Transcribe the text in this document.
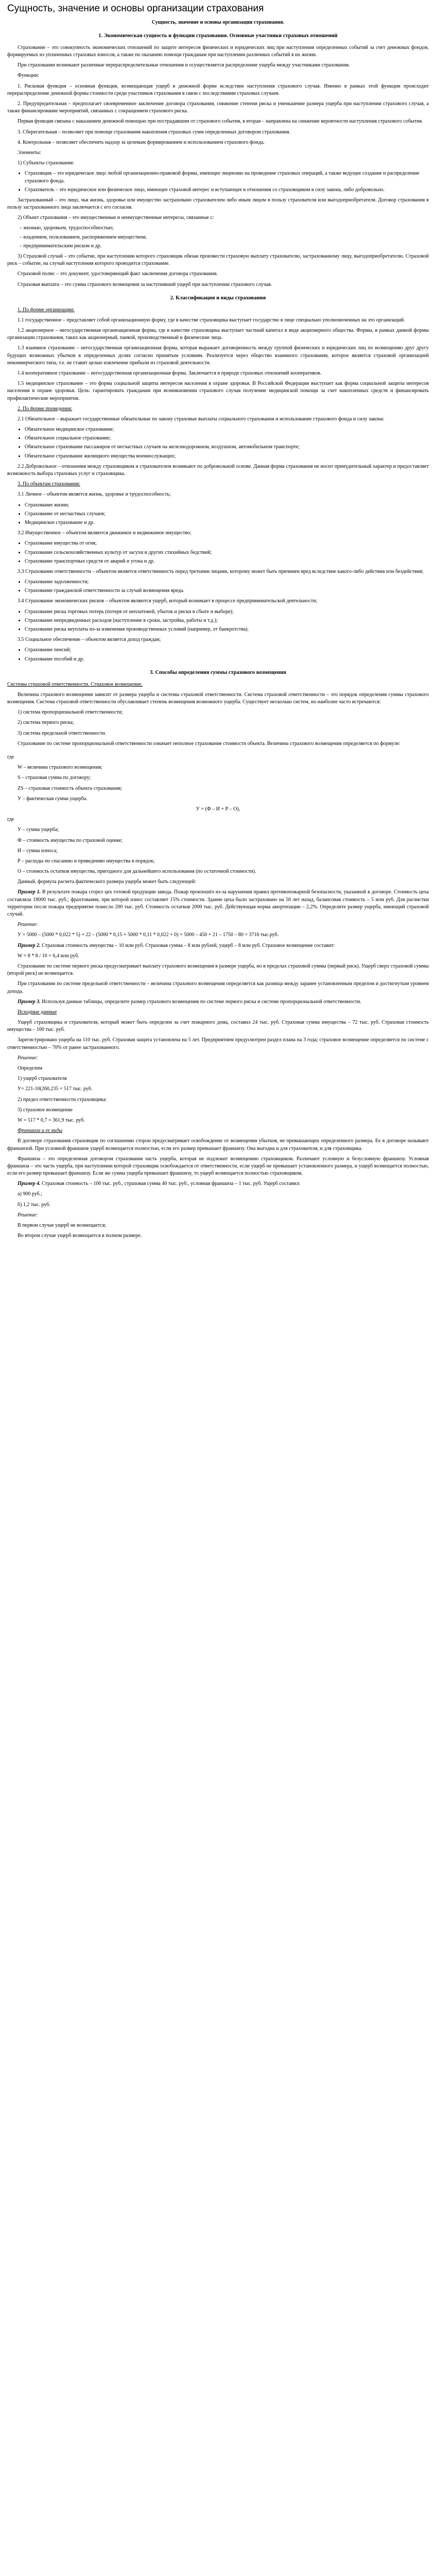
Сущность, значение и основы организации страхования
Сущность, значение и основы организации страхования.
1. Экономическая сущность и функции страхования. Основные участники страховых отношений

Страхование – это совокупность экономических отношений по защите интересов физических и юридических лиц при наступлении определенных событий за счет денежных фондов, формируемых из уплаченных страховых взносов, а также по оказанию помощи гражданам при наступлении различных событий в их жизни.

При страховании возникают различные перераспределительные отношения и осуществляется распределение ущерба между участниками страхования.

Функции:

1. Рисковая функция – основная функция, возмещающая ущерб в денежной форме вследствие наступления страхового случая. Именно в рамках этой функции происходит перераспределение денежной формы стоимости среди участников страхования в связи с последствиями страховых случаев.

2. Предупредительная – предполагает своевременное заключение договора страхования, снижение степени риска и уменьшение размера ущерба при наступлении страхового случая, а также финансирование мероприятий, связанных с сокращением страхового риска.

Первая функция связана с наказанием денежной помощью при пострадавшим от страхового события, в вторая – направлена на снижение вероятности наступления страхового события.

3. Сберегательная – позволяет при помощи страхования накопления страховых сумм определенных договором страхования.

4. Контрольная – позволяет обеспечить надзор за целевым формированием и использованием страхового фонда.

Элементы:

1) Субъекты страхования:

• Страховщик – это юридическое лицо любой организационно-правовой формы, имеющее лицензию на проведение страховых операций, а также ведущее создание и распределение страхового фонда.
• Страхователь – это юридическое или физическое лицо, имеющее страховой интерес и вступающее в отношения со страховщиком в силу закона, либо добровольно.

Застрахованный – это лицо, чья жизнь, здоровье или имущество застраховано страхователем либо иным лицом в пользу страхователя или выгодоприобретателя. Договор страхования в пользу застрахованного лица заключается с его согласия.

2) Объект страхования – это имущественные и неимущественные интересы, связанные с:

– жизнью, здоровьем, трудоспособностью;
– владением, пользованием, распоряжением имуществом;
– предпринимательским риском и др.

3) Страховой случай – это событие, при наступлении которого страховщик обязан произвести страховую выплату страхователю, застрахованному лицу, выгодоприобретателю. Страховой риск – событие, на случай наступления которого проводится страхование.

Страховой полис – это документ, удостоверяющий факт заключения договора страхования.

Страховая выплата – это сумма страхового возмещения за наступивший ущерб при наступлении страхового случая.

2. Классификация и виды страхования

1. По форме организации:

1.1 государственное – представляет собой организационную форму, где в качестве страховщика выступает государство в лице специально уполномоченных на это организаций.

1.2 акционерное – негосударственная организационная форма, где в качестве страховщика выступает частный капитал в виде акционерного общества. Формы, в рамках данной формы организации страхования, таких как акционерный, паевой, производственный и физические лица.

1.3 взаимное страхование – негосударственная организационная форма, которая выражает договоренность между группой физических и юридических лиц по возмещению друг другу будущих возможных убытков в определенных долях согласно принятым условиям. Реализуется через общество взаимного страхования, которое является страховой организацией некоммерческого типа, т.е. не ставит целью извлечение прибыли из страховой деятельности.

1.4 кооперативное страхование – негосударственная организационная форма. Заключается в природе страховых отношений кооперативов.

1.5 медицинское страхование – это форма социальной защиты интересов населения в охране здоровья. В Российской Федерации выступает как форма социальной защиты интересов населения в охране здоровья. Цель: гарантировать гражданам при возникновении страхового случая получение медицинской помощи за счет накопленных средств и финансировать профилактические мероприятия.

2. По форме проведения:

2.1 Обязательное – выражает государственные обязательные по закону страховые выплаты социального страхования и использование страхового фонда и силу закона:

• Обязательное медицинское страхование;
• Обязательное социальное страхование;
• Обязательное страхование пассажиров от несчастных случаев на железнодорожном, воздушном, автомобильном транспорте;
• Обязательное страхование жилищного имущества военнослужащих;

2.2 Добровольное – отношения между страховщиком и страхователем возникают по добровольной основе. Данная форма страхования не носит принудительный характер и предоставляет возможность выбора страховых услуг и страховщика.

3. По объектам страхования:

3.1 Личное – объектом является жизнь, здоровье и трудоспособность;

• Страхование жизни;
• Страхование от несчастных случаев;
• Медицинское страхование и др.

3.2 Имущественное – объектом являются движимое и недвижимое имущество;

• Страхование имущества от огня;
• Страхование сельскохозяйственных культур от засухи и других стихийных бедствий;
• Страхование транспортных средств от аварий и угона и др.

3.3 Страхование ответственности – объектом является ответственность перед третьими лицами, которому может быть причинен вред вследствие какого-либо действия или бездействия;

• Страхование задолженности;
• Страхование гражданской ответственности за случай возмещения вреда.

3.4 Страхование экономических рисков – объектом являются ущерб, который возникает в процессе предпринимательской деятельности;

• Страхование риска торговых потерь (потеря от неплатежей, убыток и риски в сбыте и выборе);
• Страхование непредвиденных расходов (наступление в сроки, застройка, работы и т.д.);
• Страхование риска неуплаты из-за изменения производственных условий (например, от банкротства).

3.5 Социальное обеспечение – объектом является доход граждан;

• Страхование пенсий;
• Страхование пособий и др.
3. Способы определения суммы страхового возмещения

Системы страховой ответственности. Страховое возмещение.

Величина страхового возмещения зависит от размера ущерба и системы страховой ответственности. Система страховой ответственности – это порядок определения суммы страхового возмещения. Система страховой ответственности обуславливает степень возмещения возможного ущерба. Существует несколько систем, но наиболее часто встречаются:

1) система пропорциональной ответственности;

2) система первого риска;

3) система предельной ответственности.

Страхование по системе пропорциональной ответственности означает неполное страхование стоимости объекта. Величина страхового возмещения определяется по формуле:

где

W – величина страхового возмещения;

S – страховая сумма по договору;

ZS – страховая стоимость объекта страхования;

У – фактическая сумма ущерба.

У = (Ф – И + Р – О),

где

У – сумма ущерба;

Ф – стоимость имущества по страховой оценке;

И – сумма износа;

Р – расходы по спасанию и приведению имущества в порядок;

О – стоимость остатков имущества, пригодного для дальнейшего использования (по остаточной стоимости).

Данный, формула расчета фактического размера ущерба может быть следующей:

Пример 1. В результате пожара сгорел цех готовой продукции завода. Пожар произошёл из-за нарушения правил противопожарной безопасности, указанной в договоре. Стоимость цеха составляла 18000 тыс. руб.; фрахтования, при которой износ составляет 15% стоимости. Здание цеха было застраховано на 50 лет назад, балансовая стоимость – 5 млн руб. Для расчистки территории после пожара предприятие понесло 200 тыс. руб. Стоимость остатков 2000 тыс. руб. Действующая норма амортизации – 2,2%. Определите размер ущерба, имеющий страховой случай.

Решение:

У = 5000 – (5000 * 0,022 * 5) + 22 – (5000 * 0,15 + 5000 * 0,11 * 0,022 + 0) = 5000 – 450 + 21 – 1750 – 80 = 3716 тыс.руб.

Пример 2. Страховая стоимость имущества – 10 млн руб. Страховая сумма – 8 млн рублей, ущерб – 8 млн руб. Страховое возмещение составит:

W = 8 * 8 / 10 = 6,4 млн руб.

Страхование по системе первого риска предусматривает выплату страхового возмещения в размере ущерба, но в пределах страховой суммы (первый риск). Ущерб сверх страховой суммы (второй риск) не возмещается.

При страховании по системе предельной ответственности – величина страхового возмещения определяется как разница между заранее установленным пределом и достигнутым уровнем дохода.

Пример 3. Используя данные таблицы, определите размер страхового возмещения по системе первого риска и системе пропорциональной ответственности.

Исходные данные

Ущерб страховщика и страхователя, который может быть определен за счет пожарного дома, составил 24 тыс. руб. Страховая сумма имущества – 72 тыс. руб. Страховая стоимость имущества – 100 тыс. руб.

Зарегистрировано ущерба на 110 тыс. руб. Страховая защита установлена на 5 лет. Предприятием предусмотрен раздел плана на 3 года; страховое возмещение определяется по системе с ответственностью – 70% от ранее застрахованного.

Решение:

Определим

1) ущерб страхователя

У= 221-10(260,235 = 517 тыс. руб.

2) предел ответственности страховщика:

3) страховое возмещение

W = 517 * 0,7 = 361,9 тыс. руб.

Франшиза и ее виды

В договоре страхования страховщик по соглашению сторон предусматривает освобождение от возмещения убытков, не превышающих определенного размера. Ее в договоре называют франшизой. При условной франшизе ущерб возмещается полностью, если его размер превышает франшизу. Она выгодна и для страхователя, и для страховщика.

Франшиза – это определенная договором страхования часть ущерба, которая не подлежит возмещению страховщиком. Различают условную и безусловную франшизу. Условная франшиза – это часть ущерба, при наступлении которой страховщик освобождается от ответственности, если ущерб не превышает установленного размера, и ущерб возмещается полностью, если его размер превышает франшизу. Если же сумма ущерба превышает франшизу, то ущерб возмещается полностью страховщиком.

Пример 4. Страховая стоимость – 100 тыс. руб., страховая сумма 40 тыс. руб., условная франшиза – 1 тыс. руб. Ущерб составил:

а) 900 руб.;

б) 1,2 тыс. руб.

Решение:

В первом случае ущерб не возмещается;

Во втором случае ущерб возмещается в полном размере.
